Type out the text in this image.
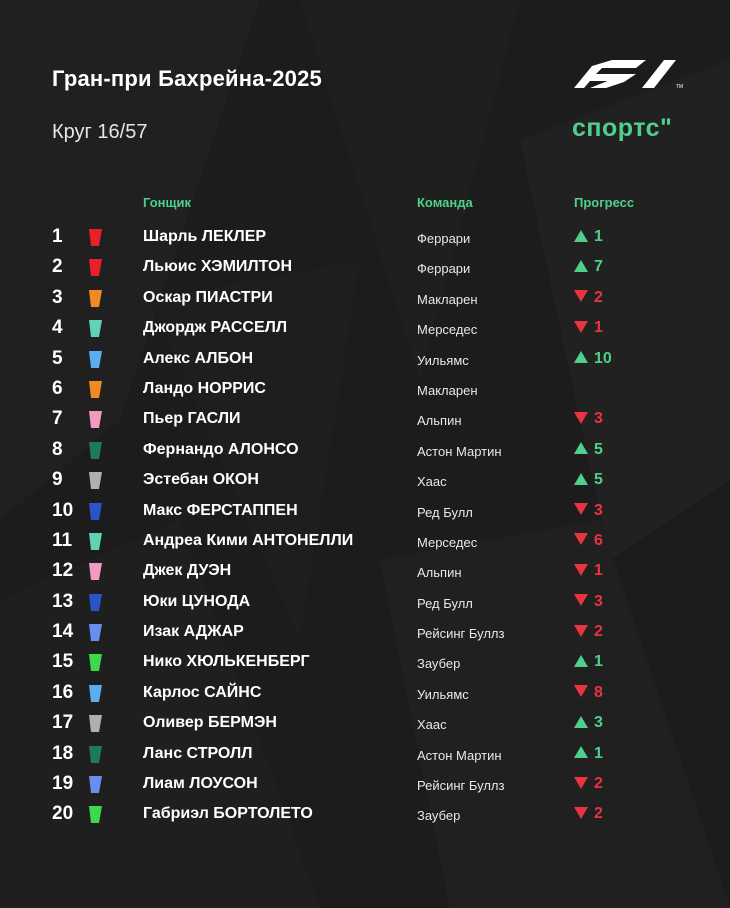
Гран-при Бахрейна-2025
Круг 16/57
TM
спортс"
Гонщик	Команда	Прогресс
1	Шарль ЛЕКЛЕР	Феррари	1
2	Льюис ХЭМИЛТОН	Феррари	7
3	Оскар ПИАСТРИ	Макларен	2
4	Джордж РАССЕЛЛ	Мерседес	1
5	Алекс АЛБОН	Уильямс	10
6	Ландо НОРРИС	Макларен
7	Пьер ГАСЛИ	Альпин	3
8	Фернандо АЛОНСО	Астон Мартин	5
9	Эстебан ОКОН	Хаас	5
10	Макс ФЕРСТАППЕН	Ред Булл	3
11	Андреа Кими АНТОНЕЛЛИ	Мерседес	6
12	Джек ДУЭН	Альпин	1
13	Юки ЦУНОДА	Ред Булл	3
14	Изак АДЖАР	Рейсинг Буллз	2
15	Нико ХЮЛЬКЕНБЕРГ	Заубер	1
16	Карлос САЙНС	Уильямс	8
17	Оливер БЕРМЭН	Хаас	3
18	Ланс СТРОЛЛ	Астон Мартин	1
19	Лиам ЛОУСОН	Рейсинг Буллз	2
20	Габриэл БОРТОЛЕТО	Заубер	2
